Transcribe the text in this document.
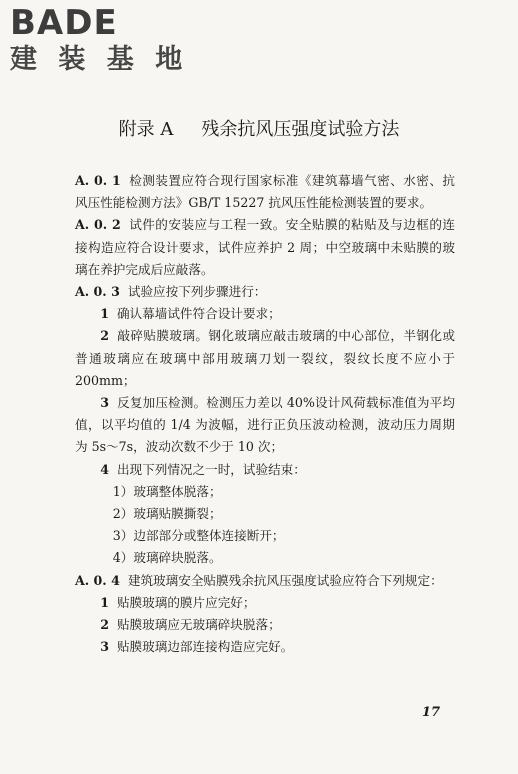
BADE
建 装 基 地
附录 A 残余抗风压强度试验方法

A. 0. 1 检测装置应符合现行国家标准《建筑幕墙气密、水密、抗风压性能检测方法》GB/T 15227 抗风压性能检测装置的要求。

A. 0. 2 试件的安装应与工程一致。安全贴膜的粘贴及与边框的连接构造应符合设计要求，试件应养护 2 周；中空玻璃中未贴膜的玻璃在养护完成后应敲落。

A. 0. 3 试验应按下列步骤进行：

1 确认幕墙试件符合设计要求；

2 敲碎贴膜玻璃。钢化玻璃应敲击玻璃的中心部位，半钢化或普通玻璃应在玻璃中部用玻璃刀划一裂纹，裂纹长度不应小于 200mm；

3 反复加压检测。检测压力差以 40%设计风荷载标准值为平均值，以平均值的 1/4 为波幅，进行正负压波动检测，波动压力周期为 5s～7s，波动次数不少于 10 次；

4 出现下列情况之一时，试验结束：

1）玻璃整体脱落；

2）玻璃贴膜撕裂；

3）边部部分或整体连接断开；

4）玻璃碎块脱落。

A. 0. 4 建筑玻璃安全贴膜残余抗风压强度试验应符合下列规定：

1 贴膜玻璃的膜片应完好；

2 贴膜玻璃应无玻璃碎块脱落；

3 贴膜玻璃边部连接构造应完好。

17
